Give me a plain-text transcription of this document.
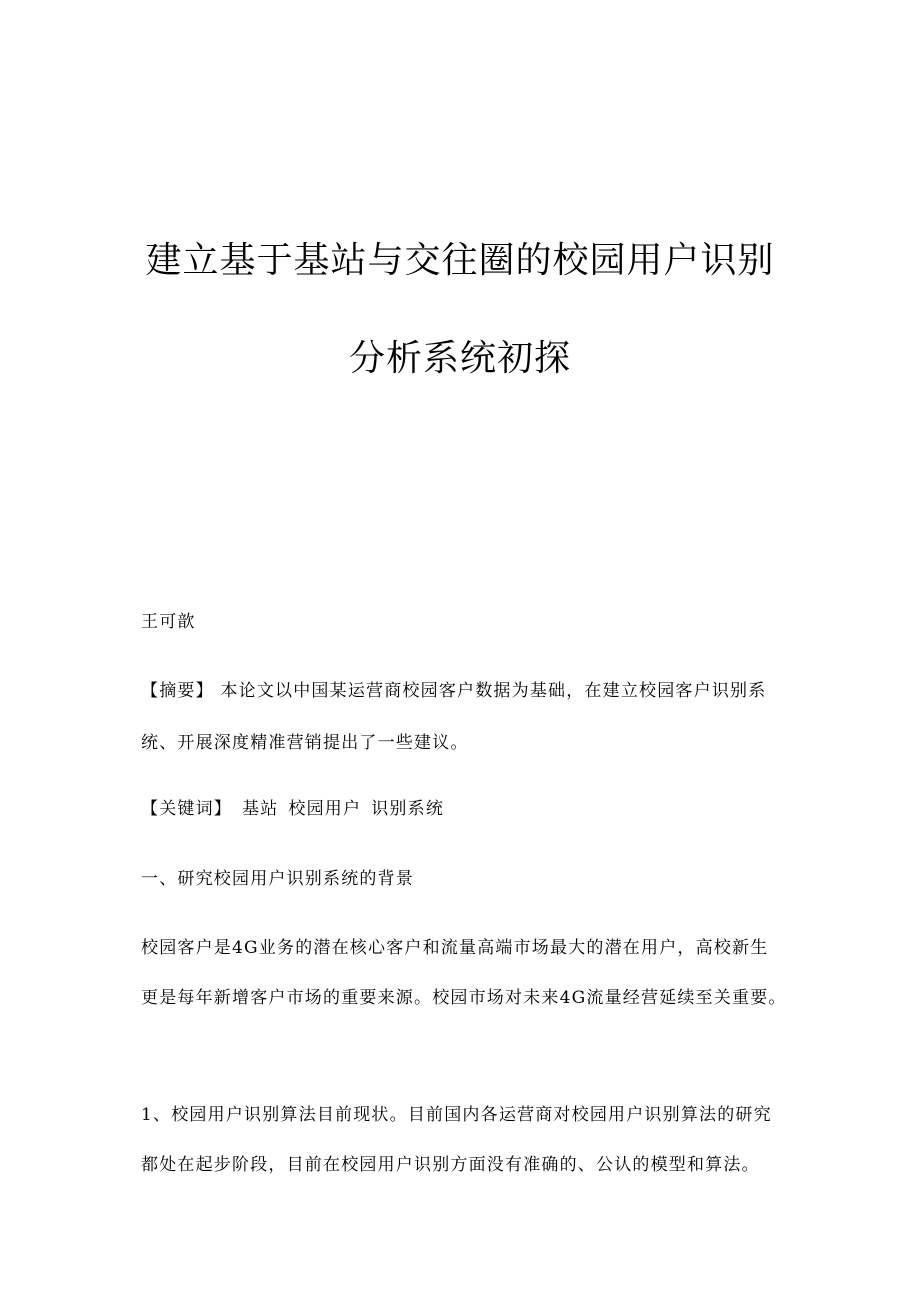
建立基于基站与交往圈的校园用户识别
分析系统初探
王可歆
【摘要】 本论文以中国某运营商校园客户数据为基础，在建立校园客户识别系
统、开展深度精准营销提出了一些建议。
【关键词】 基站 校园用户 识别系统
一、研究校园用户识别系统的背景
校园客户是4G业务的潜在核心客户和流量高端市场最大的潜在用户，高校新生
更是每年新增客户市场的重要来源。校园市场对未来4G流量经营延续至关重要。
1、校园用户识别算法目前现状。目前国内各运营商对校园用户识别算法的研究
都处在起步阶段，目前在校园用户识别方面没有准确的、公认的模型和算法。
